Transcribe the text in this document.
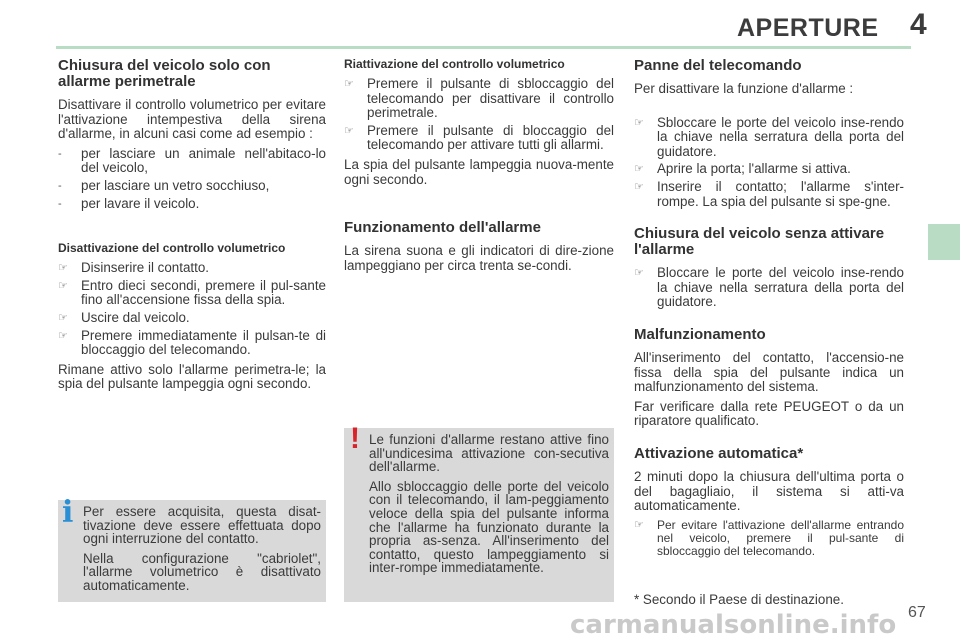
APERTURE 4
Chiusura del veicolo solo con allarme perimetrale

Disattivare il controllo volumetrico per evitare l'attivazione intempestiva della sirena d'allarme, in alcuni casi come ad esempio :

- per lasciare un animale nell'abitaco-lo del veicolo,
- per lasciare un vetro socchiuso,
- per lavare il veicolo.
Disattivazione del controllo volumetrico
☞ Disinserire il contatto.
☞ Entro dieci secondi, premere il pul-sante fino all'accensione fissa della spia.
☞ Uscire dal veicolo.
☞ Premere immediatamente il pulsan-te di bloccaggio del telecomando.

Rimane attivo solo l'allarme perimetra-le; la spia del pulsante lampeggia ogni secondo.

Riattivazione del controllo volumetrico
☞ Premere il pulsante di sbloccaggio del telecomando per disattivare il controllo perimetrale.
☞ Premere il pulsante di bloccaggio del telecomando per attivare tutti gli allarmi.

La spia del pulsante lampeggia nuova-mente ogni secondo.

Funzionamento dell'allarme

La sirena suona e gli indicatori di dire-zione lampeggiano per circa trenta se-condi.

Panne del telecomando

Per disattivare la funzione d'allarme :

☞ Sbloccare le porte del veicolo inse-rendo la chiave nella serratura della porta del guidatore.
☞ Aprire la porta; l'allarme si attiva.
☞ Inserire il contatto; l'allarme s'inter-rompe. La spia del pulsante si spe-gne.
Chiusura del veicolo senza attivare l'allarme
☞ Bloccare le porte del veicolo inse-rendo la chiave nella serratura della porta del guidatore.
Malfunzionamento

All'inserimento del contatto, l'accensio-ne fissa della spia del pulsante indica un malfunzionamento del sistema.

Far verificare dalla rete PEUGEOT o da un riparatore qualificato.

Attivazione automatica*

2 minuti dopo la chiusura dell'ultima porta o del bagagliaio, il sistema si atti-va automaticamente.

☞ Per evitare l'attivazione dell'allarme entrando nel veicolo, premere il pul-sante di sbloccaggio del telecomando.
i Per essere acquisita, questa disat-tivazione deve essere effettuata dopo ogni interruzione del contatto.

Nella configurazione "cabriolet", l'allarme volumetrico è disattivato automaticamente.

! Le funzioni d'allarme restano attive fino all'undicesima attivazione con-secutiva dell'allarme.

Allo sbloccaggio delle porte del veicolo con il telecomando, il lam-peggiamento veloce della spia del pulsante informa che l'allarme ha funzionato durante la propria as-senza. All'inserimento del contatto, questo lampeggiamento si inter-rompe immediatamente.

* Secondo il Paese di destinazione.
carmanualsonline.info 67
